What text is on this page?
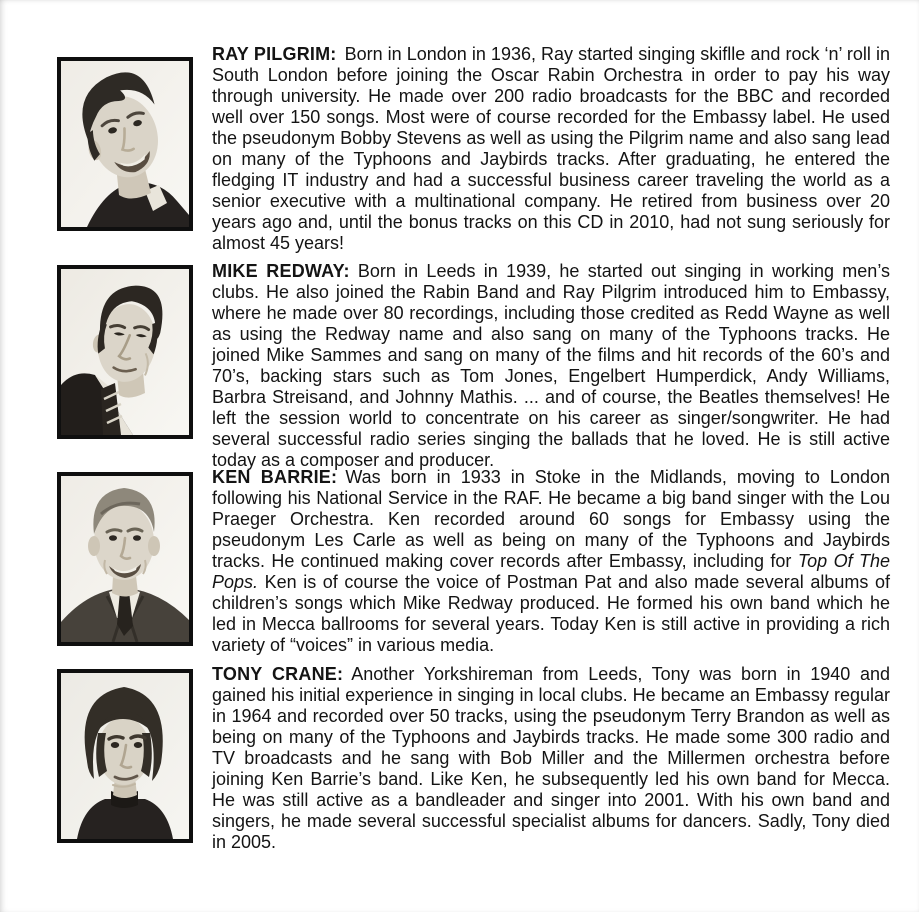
RAY PILGRIM: Born in London in 1936, Ray started singing skiflle and rock ‘n’ roll in South London before joining the Oscar Rabin Orchestra in order to pay his way through university. He made over 200 radio broadcasts for the BBC and recorded well over 150 songs. Most were of course recorded for the Embassy label. He used the pseudonym Bobby Stevens as well as using the Pilgrim name and also sang lead on many of the Typhoons and Jaybirds tracks. After graduating, he entered the fledging IT industry and had a successful business career traveling the world as a senior executive with a multinational company. He retired from business over 20 years ago and, until the bonus tracks on this CD in 2010, had not sung seriously for almost 45 years!

MIKE REDWAY: Born in Leeds in 1939, he started out singing in working men’s clubs. He also joined the Rabin Band and Ray Pilgrim introduced him to Embassy, where he made over 80 recordings, including those credited as Redd Wayne as well as using the Redway name and also sang on many of the Typhoons tracks. He joined Mike Sammes and sang on many of the films and hit records of the 60’s and 70’s, backing stars such as Tom Jones, Engelbert Humperdick, Andy Williams, Barbra Streisand, and Johnny Mathis. ... and of course, the Beatles themselves! He left the session world to concentrate on his career as singer/songwriter. He had several successful radio series singing the ballads that he loved. He is still active today as a composer and producer.

KEN BARRIE: Was born in 1933 in Stoke in the Midlands, moving to London following his National Service in the RAF. He became a big band singer with the Lou Praeger Orchestra. Ken recorded around 60 songs for Embassy using the pseudonym Les Carle as well as being on many of the Typhoons and Jaybirds tracks. He continued making cover records after Embassy, including for Top Of The Pops. Ken is of course the voice of Postman Pat and also made several albums of children’s songs which Mike Redway produced. He formed his own band which he led in Mecca ballrooms for several years. Today Ken is still active in providing a rich variety of “voices” in various media.

TONY CRANE: Another Yorkshireman from Leeds, Tony was born in 1940 and gained his initial experience in singing in local clubs. He became an Embassy regular in 1964 and recorded over 50 tracks, using the pseudonym Terry Brandon as well as being on many of the Typhoons and Jaybirds tracks. He made some 300 radio and TV broadcasts and he sang with Bob Miller and the Millermen orchestra before joining Ken Barrie’s band. Like Ken, he subsequently led his own band for Mecca. He was still active as a bandleader and singer into 2001. With his own band and singers, he made several successful specialist albums for dancers. Sadly, Tony died in 2005.
